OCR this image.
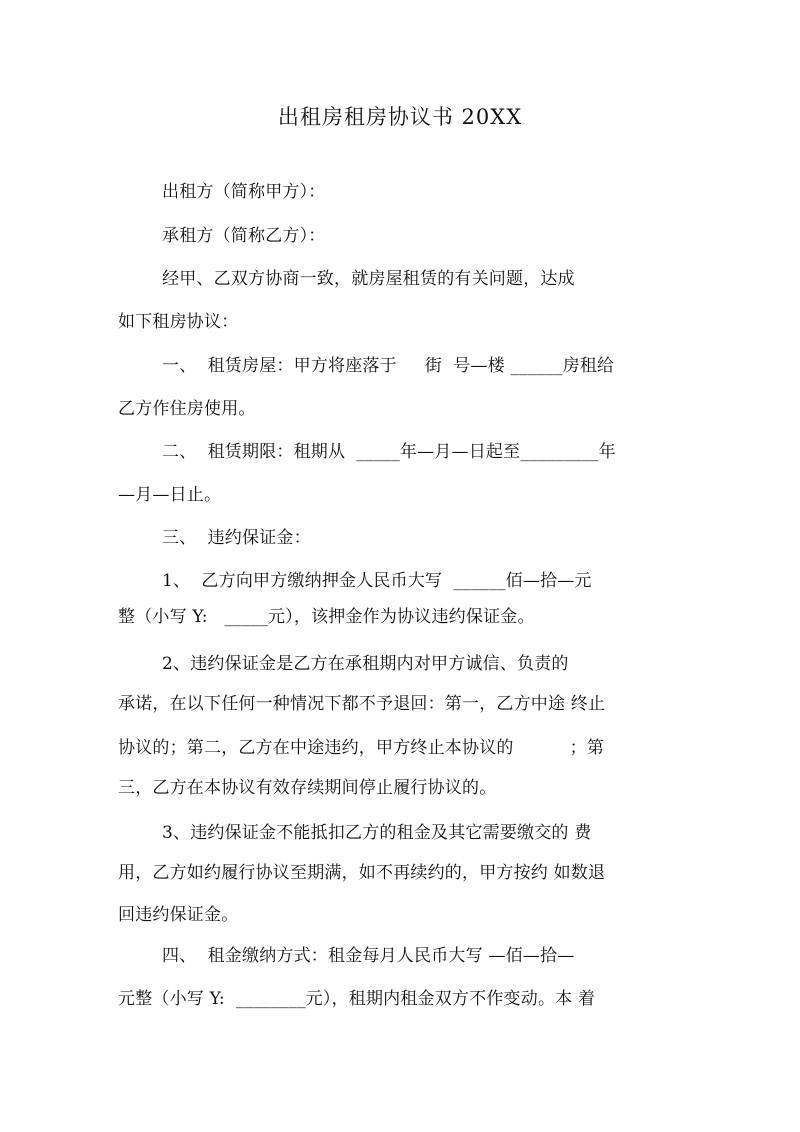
出租房租房协议书 20XX
出租方（简称甲方）：
承租方（简称乙方）：
经甲、乙双方协商一致，就房屋租赁的有关问题，达成
如下租房协议：
一、  租赁房屋：甲方将座落于     街  号—楼 ______房租给
乙方作住房使用。
二、  租赁期限：租期从  _____年—月—日起至_________年
—月—日止。
三、  违约保证金：
1、  乙方向甲方缴纳押金人民币大写  ______佰—拾—元
整（小写 Y:   _____元），该押金作为协议违约保证金。
2、违约保证金是乙方在承租期内对甲方诚信、负责的
承诺，在以下任何一种情况下都不予退回：第一，乙方中途 终止
协议的；第二，乙方在中途违约，甲方终止本协议的          ；第
三，乙方在本协议有效存续期间停止履行协议的。
3、违约保证金不能抵扣乙方的租金及其它需要缴交的 费
用，乙方如约履行协议至期满，如不再续约的，甲方按约 如数退
回违约保证金。
四、  租金缴纳方式：租金每月人民币大写 —佰—拾—
元整（小写 Y:  ________元），租期内租金双方不作变动。本 着
